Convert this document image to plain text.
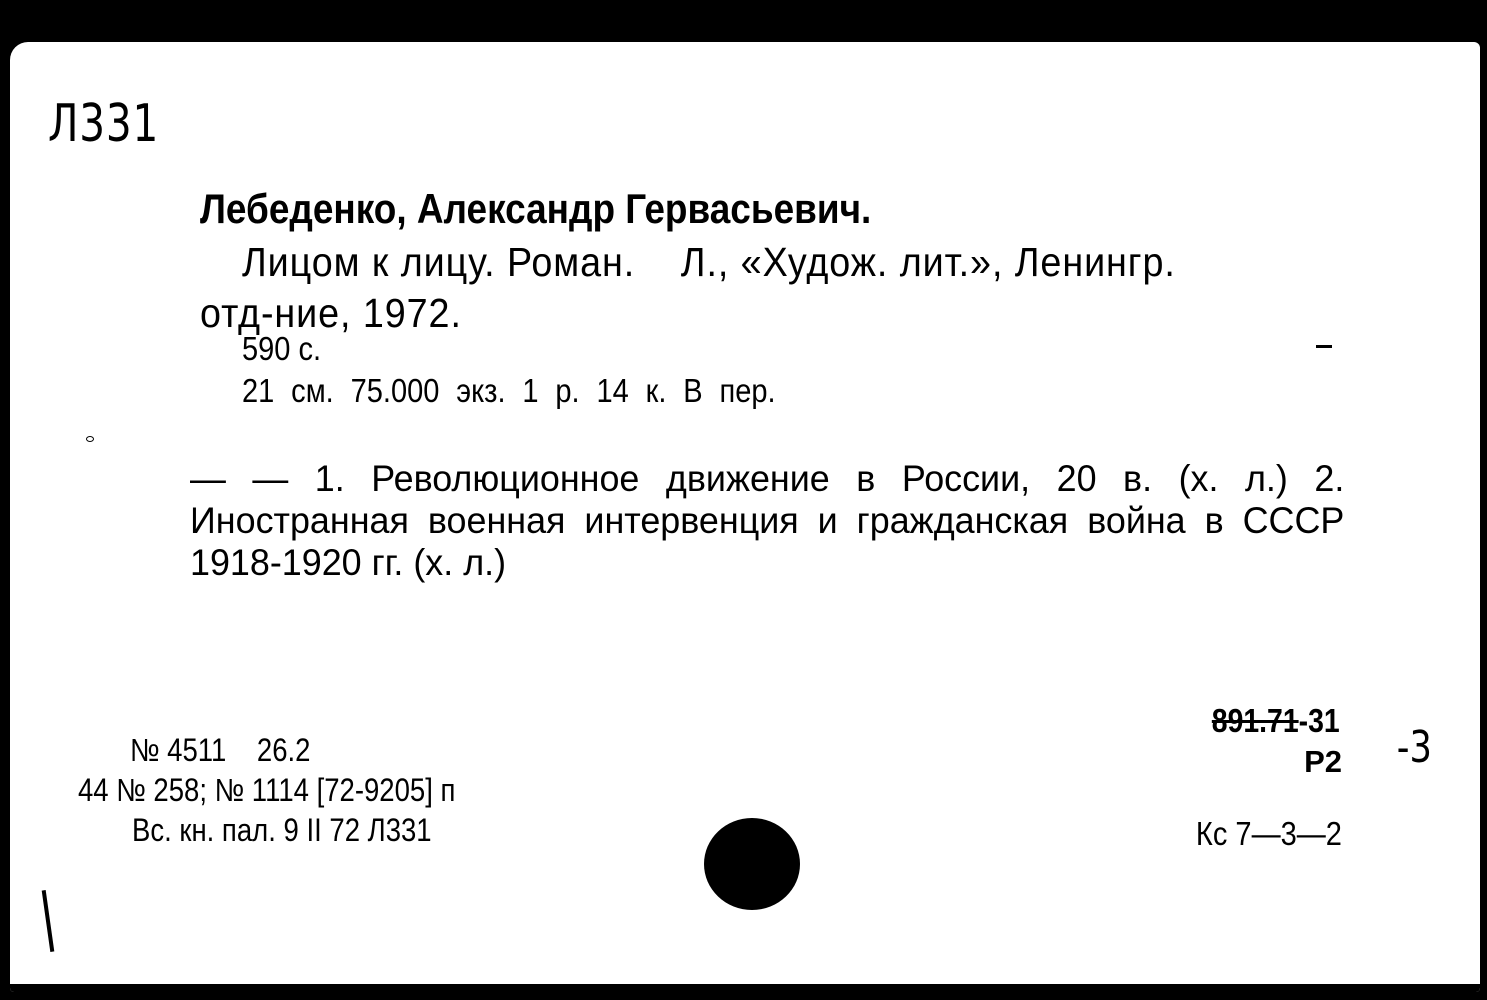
Л331
Лебеденко, Александр Гервасьевич.
Лицом к лицу. Роман.    Л., «Худож. лит.», Ленингр.
отд-ние, 1972.
590 с.
21 см. 75.000 экз. 1 р. 14 к. В пер.
— — 1. Революционное движение в России, 20 в. (х. л.) 2. Иностранная военная интервенция и гражданская война в СССР 1918-1920 гг. (х. л.)
№ 4511    26.2
44 № 258; № 1114 [72-9205] п
Вс. кн. пал. 9 II 72 Л331
891.71-31
Р2 -3
Кс 7—3—2
